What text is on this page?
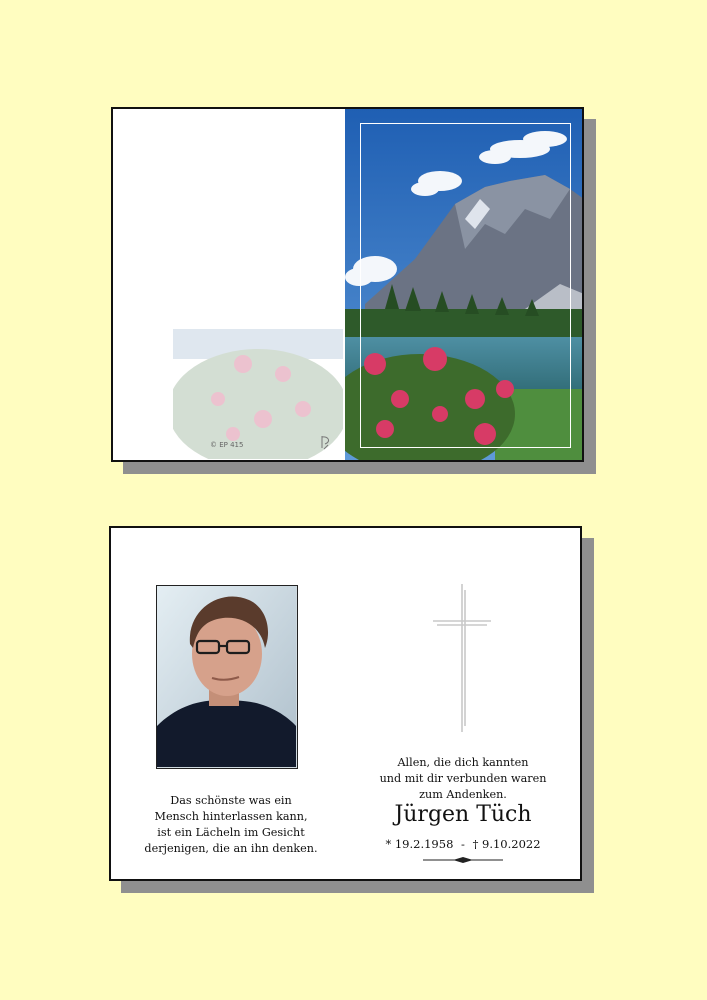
© EP 415
Das schönste was ein
Mensch hinterlassen kann,
ist ein Lächeln im Gesicht
derjenigen, die an ihn denken.
Allen, die dich kannten
und mit dir verbunden waren
zum Andenken.
Jürgen Tüch
* 19.2.1958 - † 9.10.2022
